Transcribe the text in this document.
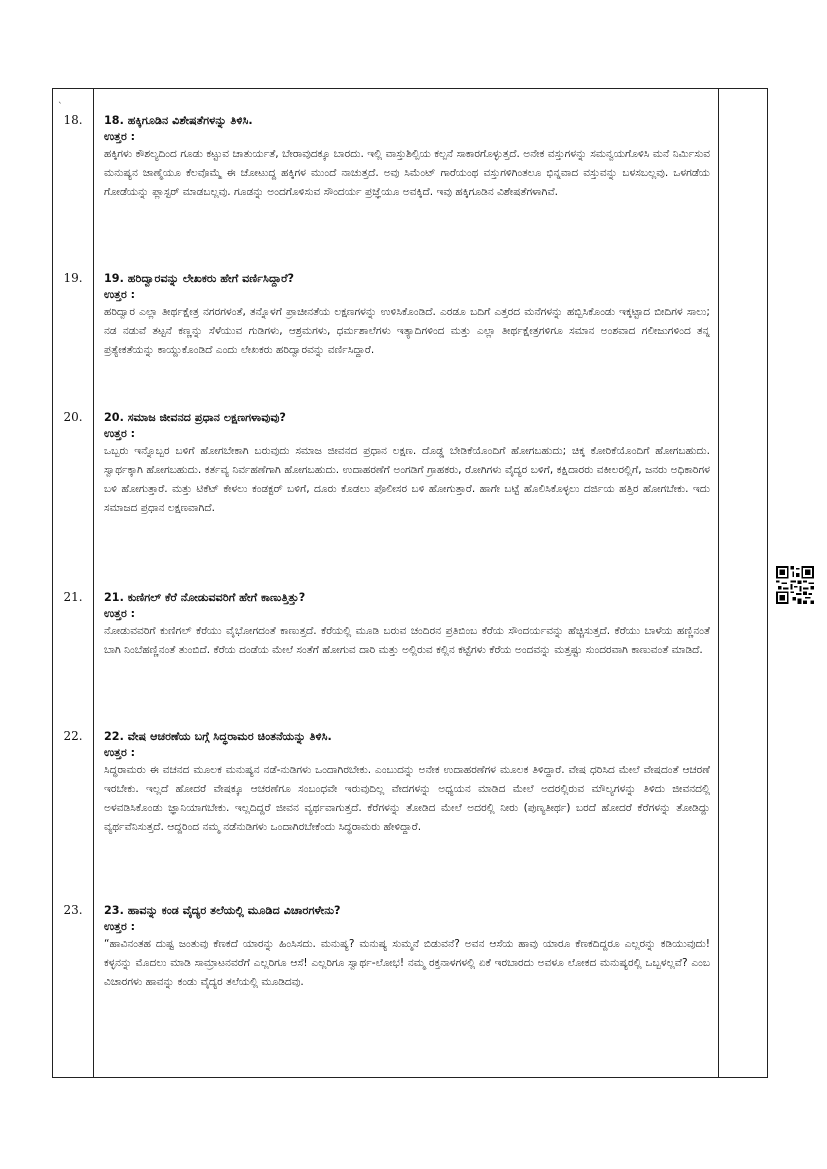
`
18.	18. ಹಕ್ಕಿಗೂಡಿನ ವಿಶೇಷತೆಗಳನ್ನು ತಿಳಿಸಿ.
ಉತ್ತರ :

ಹಕ್ಕಿಗಳು ಕೌಶಲ್ಯದಿಂದ ಗೂಡು ಕಟ್ಟುವ ಚಾತುರ್ಯತೆ, ಬೇರಾವುದಕ್ಕೂ ಬಾರದು. ಇಲ್ಲಿ ವಾಸ್ತುಶಿಲ್ಪಿಯ ಕಲ್ಪನೆ ಸಾಕಾರಗೊಳ್ಳುತ್ತದೆ. ಅನೇಕ ವಸ್ತುಗಳನ್ನು ಸಮನ್ವಯಗೊಳಿಸಿ ಮನೆ ನಿರ್ಮಿಸುವ ಮನುಷ್ಯನ ಜಾಣ್ಮೆಯೂ ಕೆಲವೊಮ್ಮೆ ಈ ಚೋಟುದ್ದ ಹಕ್ಕಿಗಳ ಮುಂದೆ ನಾಚುತ್ತದೆ. ಅವು ಸಿಮೆಂಟ್ ಗಾರೆಯಂಥ ವಸ್ತುಗಳಿಗಿಂತಲೂ ಭಿನ್ನವಾದ ವಸ್ತುವನ್ನು ಬಳಸಬಲ್ಲವು. ಒಳಗಡೆಯ ಗೋಡೆಯನ್ನು ಪ್ಲಾಸ್ಟರ್ ಮಾಡಬಲ್ಲವು. ಗೂಡನ್ನು ಅಂದಗೊಳಿಸುವ ಸೌಂದರ್ಯ ಪ್ರಜ್ಞೆಯೂ ಅವಕ್ಕಿದೆ. ಇವು ಹಕ್ಕಿಗೂಡಿನ ವಿಶೇಷತೆಗಳಾಗಿವೆ.

19.	19. ಹರಿದ್ವಾರವನ್ನು ಲೇಖಕರು ಹೇಗೆ ವರ್ಣಿಸಿದ್ದಾರೆ?
ಉತ್ತರ :

ಹರಿದ್ವಾರ ಎಲ್ಲಾ ತೀರ್ಥಕ್ಷೇತ್ರ ನಗರಗಳಂತೆ, ತನ್ನೊಳಗೆ ಪ್ರಾಚೀನತೆಯ ಲಕ್ಷಣಗಳನ್ನು ಉಳಿಸಿಕೊಂಡಿದೆ. ಎರಡೂ ಬದಿಗೆ ಎತ್ತರದ ಮನೆಗಳನ್ನು ಹಬ್ಬಿಸಿಕೊಂಡು ಇಕ್ಕಟ್ಟಾದ ಬೀದಿಗಳ ಸಾಲು; ನಡ ನಡುವೆ ತಟ್ಟನೆ ಕಣ್ಣನ್ನು ಸೆಳೆಯುವ ಗುಡಿಗಳು, ಆಶ್ರಮಗಳು, ಧರ್ಮಶಾಲೆಗಳು ಇತ್ಯಾದಿಗಳಿಂದ ಮತ್ತು ಎಲ್ಲಾ ತೀರ್ಥಕ್ಷೇತ್ರಗಳಿಗೂ ಸಮಾನ ಅಂಶವಾದ ಗಲೀಜುಗಳಿಂದ ತನ್ನ ಪ್ರತ್ಯೇಕತೆಯನ್ನು ಕಾಯ್ದುಕೊಂಡಿದೆ ಎಂದು ಲೇಖಕರು ಹರಿದ್ವಾರವನ್ನು ವರ್ಣಿಸಿದ್ದಾರೆ.

20.	20. ಸಮಾಜ ಜೀವನದ ಪ್ರಧಾನ ಲಕ್ಷಣಗಳಾವುವು?
ಉತ್ತರ :

ಒಬ್ಬರು ಇನ್ನೊಬ್ಬರ ಬಳಿಗೆ ಹೋಗಬೇಕಾಗಿ ಬರುವುದು ಸಮಾಜ ಜೀವನದ ಪ್ರಧಾನ ಲಕ್ಷಣ. ದೊಡ್ಡ ಬೇಡಿಕೆಯೊಂದಿಗೆ ಹೋಗಬಹುದು; ಚಿಕ್ಕ ಕೋರಿಕೆಯೊಂದಿಗೆ ಹೋಗಬಹುದು. ಸ್ವಾರ್ಥಕ್ಕಾಗಿ ಹೋಗಬಹುದು. ಕರ್ತವ್ಯ ನಿರ್ವಹಣೆಗಾಗಿ ಹೋಗಬಹುದು. ಉದಾಹರಣೆಗೆ ಅಂಗಡಿಗೆ ಗ್ರಾಹಕರು, ರೋಗಿಗಳು ವೈದ್ಯರ ಬಳಿಗೆ, ಕಕ್ಷಿದಾರರು ವಕೀಲರಲ್ಲಿಗೆ, ಜನರು ಅಧಿಕಾರಿಗಳ ಬಳಿ ಹೋಗುತ್ತಾರೆ. ಮತ್ತು ಟಿಕೆಟ್ ಕೇಳಲು ಕಂಡಕ್ಟರ್ ಬಳಿಗೆ, ದೂರು ಕೊಡಲು ಪೊಲೀಸರ ಬಳಿ ಹೋಗುತ್ತಾರೆ. ಹಾಗೇ ಬಟ್ಟೆ ಹೊಲಿಸಿಕೊಳ್ಳಲು ದರ್ಜಿಯ ಹತ್ತಿರ ಹೋಗಬೇಕು. ಇದು ಸಮಾಜದ ಪ್ರಧಾನ ಲಕ್ಷಣವಾಗಿದೆ.

21.	21. ಕುಣಿಗಲ್ ಕೆರೆ ನೋಡುವವರಿಗೆ ಹೇಗೆ ಕಾಣುತ್ತಿತ್ತು?
ಉತ್ತರ :

ನೋಡುವವರಿಗೆ ಕುಣಿಗಲ್ ಕೆರೆಯು ವೈಭೋಗದಂತೆ ಕಾಣುತ್ತದೆ. ಕೆರೆಯಲ್ಲಿ ಮೂಡಿ ಬರುವ ಚಂದಿರನ ಪ್ರತಿಬಿಂಬ ಕೆರೆಯ ಸೌಂದರ್ಯವನ್ನು ಹೆಚ್ಚಿಸುತ್ತದೆ. ಕೆರೆಯು ಬಾಳೆಯ ಹಣ್ಣಿನಂತೆ ಬಾಗಿ ನಿಂಬೆಹಣ್ಣಿನಂತೆ ತುಂಬಿದೆ. ಕೆರೆಯ ದಂಡೆಯ ಮೇಲೆ ಸಂತೆಗೆ ಹೋಗುವ ದಾರಿ ಮತ್ತು ಅಲ್ಲಿರುವ ಕಲ್ಲಿನ ಕಟ್ಟೆಗಳು ಕೆರೆಯ ಅಂದವನ್ನು ಮತ್ತಷ್ಟು ಸುಂದರವಾಗಿ ಕಾಣುವಂತೆ ಮಾಡಿದೆ.

22.	22. ವೇಷ ಆಚರಣೆಯ ಬಗ್ಗೆ ಸಿದ್ಧರಾಮರ ಚಿಂತನೆಯನ್ನು ತಿಳಿಸಿ.
ಉತ್ತರ :

ಸಿದ್ಧರಾಮರು ಈ ವಚನದ ಮೂಲಕ ಮನುಷ್ಯನ ನಡೆ-ನುಡಿಗಳು ಒಂದಾಗಿರಬೇಕು. ಎಂಬುದನ್ನು ಅನೇಕ ಉದಾಹರಣೆಗಳ ಮೂಲಕ ತಿಳಿದ್ದಾರೆ. ವೇಷ ಧರಿಸಿದ ಮೇಲೆ ವೇಷದಂತೆ ಆಚರಣೆ ಇರಬೇಕು. ಇಲ್ಲದೆ ಹೋದರೆ ವೇಷಕ್ಕೂ ಆಚರಣೆಗೂ ಸಂಬಂಧವೇ ಇರುವುದಿಲ್ಲ ವೇದಗಳನ್ನು ಅಧ್ಯಯನ ಮಾಡಿದ ಮೇಲೆ ಅದರಲ್ಲಿರುವ ಮೌಲ್ಯಗಳನ್ನು ತಿಳಿದು ಜೀವನದಲ್ಲಿ ಅಳವಡಿಸಿಕೊಂಡು ಜ್ಞಾನಿಯಾಗಬೇಕು. ಇಲ್ಲದಿದ್ದರೆ ಜೀವನ ವ್ಯರ್ಥವಾಗುತ್ತದೆ. ಕೆರೆಗಳನ್ನು ತೋಡಿದ ಮೇಲೆ ಅದರಲ್ಲಿ ನೀರು (ಪುಣ್ಯತೀರ್ಥ) ಬರದೆ ಹೋದರೆ ಕೆರೆಗಳನ್ನು ತೋಡಿದ್ದು ವ್ಯರ್ಥವೆನಿಸುತ್ತದೆ. ಆದ್ದರಿಂದ ನಮ್ಮ ನಡೆನುಡಿಗಳು ಒಂದಾಗಿರಬೇಕೆಂದು ಸಿದ್ಧರಾಮರು ಹೇಳಿದ್ದಾರೆ.

23.	23. ಹಾವನ್ನು ಕಂಡ ವೈದ್ಯರ ತಲೆಯಲ್ಲಿ ಮೂಡಿದ ವಿಚಾರಗಳೇನು?
ಉತ್ತರ :

“ಹಾವಿನಂತಹ ದುಷ್ಟ ಜಂತುವು ಕೆಣಕದೆ ಯಾರನ್ನು ಹಿಂಸಿಸದು. ಮನುಷ್ಯ? ಮನುಷ್ಯ ಸುಮ್ಮನೆ ಬಿಡುವನೆ? ಅವನ ಆಸೆಯ ಹಾವು ಯಾರೂ ಕೆಣಕದಿದ್ದರೂ ಎಲ್ಲರನ್ನು ಕಡಿಯುವುದು! ಕಳ್ಳನನ್ನು ಮೊದಲು ಮಾಡಿ ಸಾಮ್ರಾಟನವರೆಗೆ ಎಲ್ಲರಿಗೂ ಆಸೆ! ಎಲ್ಲರಿಗೂ ಸ್ವಾರ್ಥ-ಲೋಭ! ನಮ್ಮ ರಕ್ತನಾಳಗಳಲ್ಲಿ ಏಕೆ ಇರಬಾರದು ಅವಳೂ ಲೋಕದ ಮನುಷ್ಯರಲ್ಲಿ ಒಬ್ಬಳಲ್ಲವೆ? ಎಂಬ ವಿಚಾರಗಳು ಹಾವನ್ನು ಕಂಡು ವೈದ್ಯರ ತಲೆಯಲ್ಲಿ ಮೂಡಿದವು.
